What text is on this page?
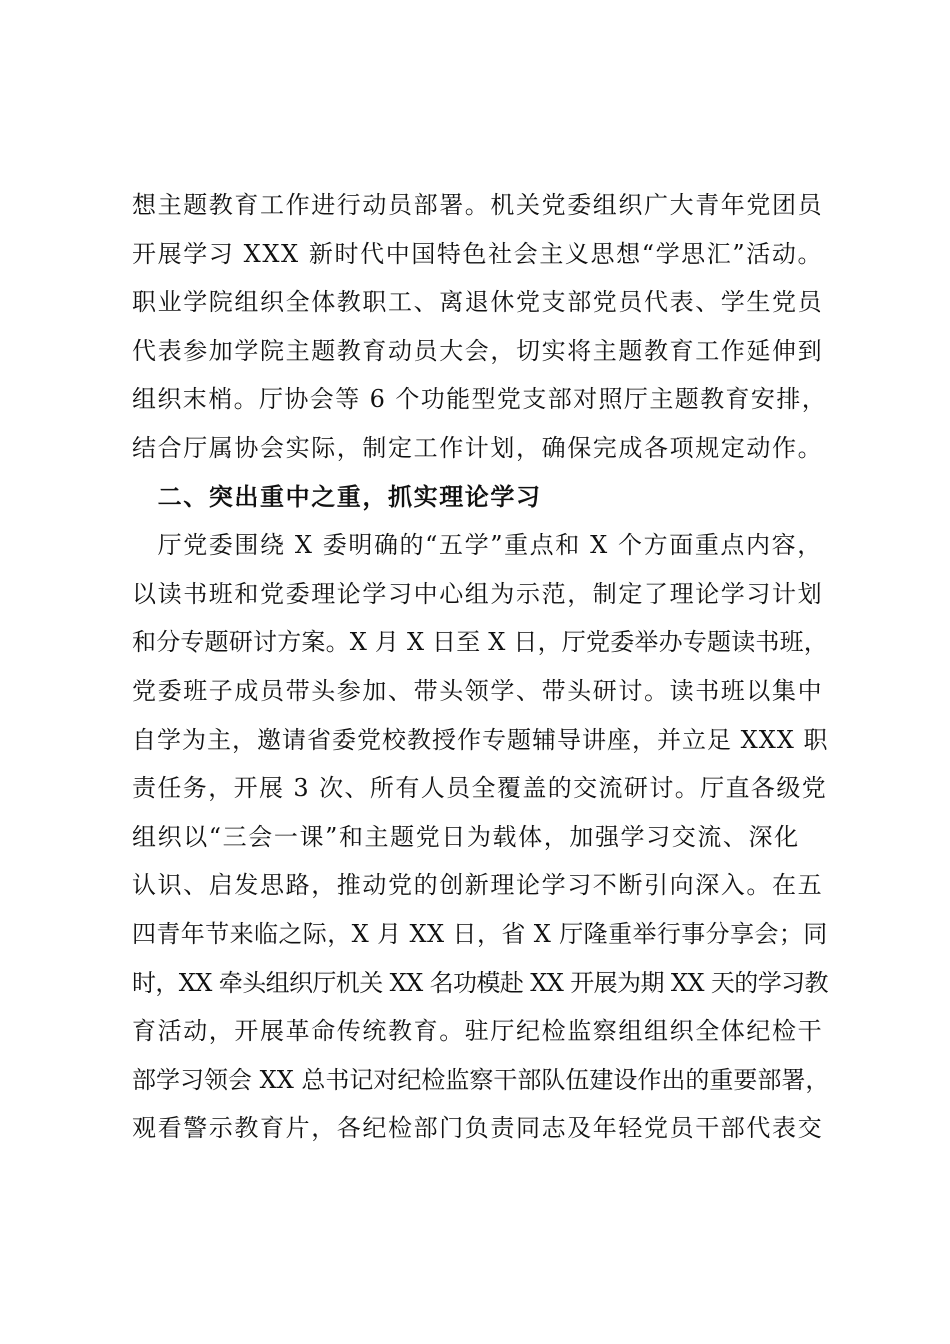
想主题教育工作进行动员部署。机关党委组织广大青年党团员
开展学习 XXX 新时代中国特色社会主义思想“学思汇”活动。
职业学院组织全体教职工、离退休党支部党员代表、学生党员
代表参加学院主题教育动员大会，切实将主题教育工作延伸到
组织末梢。厅协会等 6 个功能型党支部对照厅主题教育安排，
结合厅属协会实际，制定工作计划，确保完成各项规定动作。
　二、突出重中之重，抓实理论学习
　厅党委围绕 X 委明确的“五学”重点和 X 个方面重点内容，
以读书班和党委理论学习中心组为示范，制定了理论学习计划
和分专题研讨方案。X 月 X 日至 X 日，厅党委举办专题读书班，
党委班子成员带头参加、带头领学、带头研讨。读书班以集中
自学为主，邀请省委党校教授作专题辅导讲座，并立足 XXX 职
责任务，开展 3 次、所有人员全覆盖的交流研讨。厅直各级党
组织以“三会一课”和主题党日为载体，加强学习交流、深化
认识、启发思路，推动党的创新理论学习不断引向深入。在五
四青年节来临之际，X 月 XX 日，省 X 厅隆重举行事分享会；同
时，XX 牵头组织厅机关 XX 名功模赴 XX 开展为期 XX 天的学习教
育活动，开展革命传统教育。驻厅纪检监察组组织全体纪检干
部学习领会 XX 总书记对纪检监察干部队伍建设作出的重要部署，
观看警示教育片，各纪检部门负责同志及年轻党员干部代表交
